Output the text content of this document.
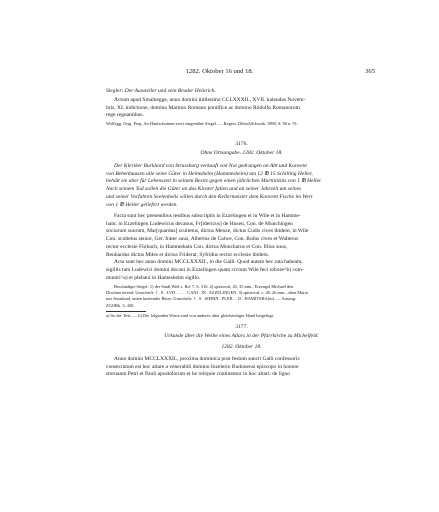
1282. Oktober 16 und 18.	365
Siegler: Der Aussteller und sein Bruder Heinrich.

Actum apud Smalnegge, anno domini millesimo CCLXXXII., XVII. kalendas Novem-

bris, XI. indictione, domino Martino Romano pontifice ac domino Rŏdolfo Romanorum

rege regnantibus.

Wolfegg. Orig. Perg. An Hanfschnüren zwei eingenähte Siegel. — Regest: DöhnASchwab. 1890, S. 90 n. 91.
3176.
Ohne Ortsangabe. 1282. Oktober 18.

Der Kleriker Burkhard von Strassburg verkauft von Not gedrungen an Abt und Konvent

von Bebenhausen alle seine Güter in Heimsheim (Hammesheim) um 12 ℔ 15 Schilling Heller,

behält sie aber für Lebenszeit in seinem Besitz gegen einen jährlichen Martinizins von 1 ℔ Heller.

Nach seinem Tod sollen die Güter an das Kloster fallen und an seiner Jahrzeit um seines

und seiner Vorfahren Seelenheils willen durch den Kellermeister dem Konvent Fische im Wert

von 1 ℔ Heller geliefert werden.

Facta sunt hec presentibus testibus subscriptis in Ezzelingen et in Wile et in Hamme-

hain: in Ezzelingen Ludewicus decanus, Fr[idericus] de Husen, Con. de Munchingen

sociorum suorum, Mar[quardus] scultetus, dictus Menze, dictus Cudis cives ibidem, in Wile

Con. scultetus senior, Ger. frater suus, Albertus de Calwe, Con. Rufus cives et Walterus

rector ecclesie Fürbach, in Hammehain Con. dictus Moncharus et Con. filius suus,

Renhardus dictus Miles et dictus Friderat, Syfridus rector ecclesie ibidem.

Acta sunt hec anno domini MCCLXXXII., in die Galli. Quod autem hec rata habeam,

sigillis tam Ludewici domini decani in Ezzelingen quam civium Wile feci robore^b) com-

muniri^a) et plebani in Hamesheim sigillo.

Beschädigte Siegel: 1) der Stadt Weil s. Bd. 7, S. 316. 2) spitzoval, 45, 35 mm., Erzengel Michael den

Drachen tötend; Umschrift: † . S . LVD . . . . . CANI . IN . EZZELINGEN. 3) spitzoval, c. 40, 26 mm., oben Maria

mit Jesuskind, unten knieender Beter; Umschrift: † . S . SIFRIN . PLEB . . D . HAMITSHA(in). — Auszug:

ZGORh. 3, 430.

a) So der Text. — b) Die folgenden Worte sind von anderer, aber gleichzeitiger Hand beigefügt.
3177.

Urkunde über die Weihe eines Altars in der Pfarrkirche zu Michelfeld.

1282. Oktober 18.

Anno domini MCCLXXXII., proxima dominica post festum sancti Galli confessoris

consecratum est hoc altare a venerabili domino Inzelerio Budonensi episcopo in honore

storuanm Petri et Pauli apostolorum et he reliquie continentur in hoc altari: de ligno
